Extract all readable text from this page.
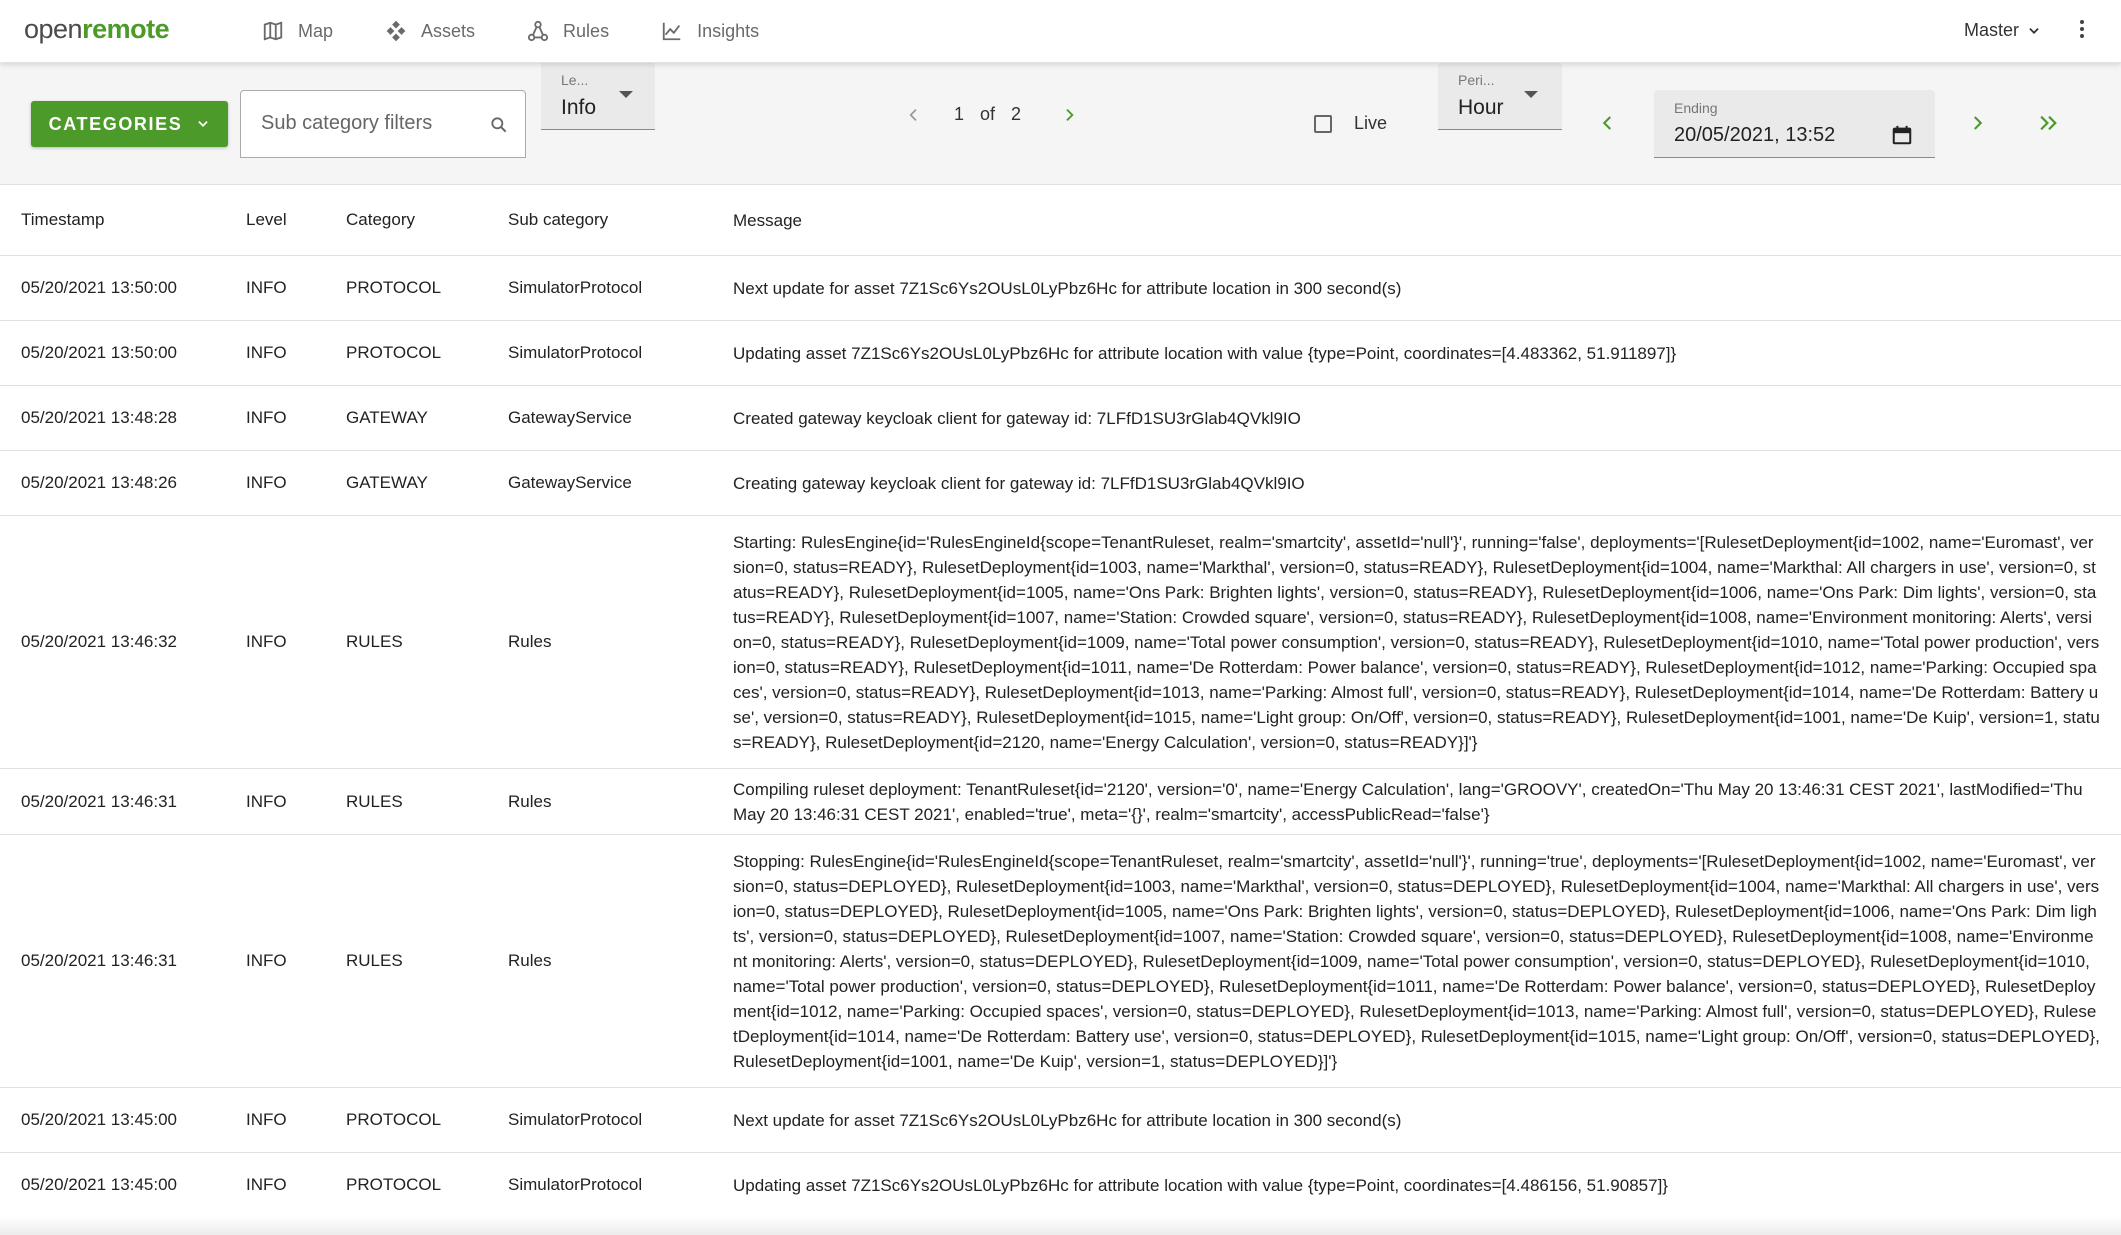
openremote	Map	Assets	Rules	Insights	Master
CATEGORIES
Sub category filters
Le...
Info	1 of 2	Live
Peri...
Hour	Ending
20/05/2021, 13:52
Timestamp	Level	Category	Sub category	Message
05/20/2021 13:50:00	INFO	PROTOCOL	SimulatorProtocol	Next update for asset 7Z1Sc6Ys2OUsL0LyPbz6Hc for attribute location in 300 second(s)
05/20/2021 13:50:00	INFO	PROTOCOL	SimulatorProtocol	Updating asset 7Z1Sc6Ys2OUsL0LyPbz6Hc for attribute location with value {type=Point, coordinates=[4.483362, 51.911897]}
05/20/2021 13:48:28	INFO	GATEWAY	GatewayService	Created gateway keycloak client for gateway id: 7LFfD1SU3rGlab4QVkl9IO
05/20/2021 13:48:26	INFO	GATEWAY	GatewayService	Creating gateway keycloak client for gateway id: 7LFfD1SU3rGlab4QVkl9IO
05/20/2021 13:46:32	INFO	RULES	Rules
Starting: RulesEngine{id='RulesEngineId{scope=TenantRuleset, realm='smartcity', assetId='null'}', running='false', deployments='[RulesetDeployment{id=1002, name='Euromast', version=0, status=READY}, RulesetDeployment{id=1003, name='Markthal', version=0, status=READY}, RulesetDeployment{id=1004, name='Markthal: All chargers in use', version=0, status=READY}, RulesetDeployment{id=1005, name='Ons Park: Brighten lights', version=0, status=READY}, RulesetDeployment{id=1006, name='Ons Park: Dim lights', version=0, status=READY}, RulesetDeployment{id=1007, name='Station: Crowded square', version=0, status=READY}, RulesetDeployment{id=1008, name='Environment monitoring: Alerts', version=0, status=READY}, RulesetDeployment{id=1009, name='Total power consumption', version=0, status=READY}, RulesetDeployment{id=1010, name='Total power production', version=0, status=READY}, RulesetDeployment{id=1011, name='De Rotterdam: Power balance', version=0, status=READY}, RulesetDeployment{id=1012, name='Parking: Occupied spaces', version=0, status=READY}, RulesetDeployment{id=1013, name='Parking: Almost full', version=0, status=READY}, RulesetDeployment{id=1014, name='De Rotterdam: Battery use', version=0, status=READY}, RulesetDeployment{id=1015, name='Light group: On/Off', version=0, status=READY}, RulesetDeployment{id=1001, name='De Kuip', version=1, status=READY}, RulesetDeployment{id=2120, name='Energy Calculation', version=0, status=READY}]'}
05/20/2021 13:46:31	INFO	RULES	Rules
Compiling ruleset deployment: TenantRuleset{id='2120', version='0', name='Energy Calculation', lang='GROOVY', createdOn='Thu May 20 13:46:31 CEST 2021', lastModified='Thu May 20 13:46:31 CEST 2021', enabled='true', meta='{}', realm='smartcity', accessPublicRead='false'}
05/20/2021 13:46:31	INFO	RULES	Rules
Stopping: RulesEngine{id='RulesEngineId{scope=TenantRuleset, realm='smartcity', assetId='null'}', running='true', deployments='[RulesetDeployment{id=1002, name='Euromast', version=0, status=DEPLOYED}, RulesetDeployment{id=1003, name='Markthal', version=0, status=DEPLOYED}, RulesetDeployment{id=1004, name='Markthal: All chargers in use', version=0, status=DEPLOYED}, RulesetDeployment{id=1005, name='Ons Park: Brighten lights', version=0, status=DEPLOYED}, RulesetDeployment{id=1006, name='Ons Park: Dim lights', version=0, status=DEPLOYED}, RulesetDeployment{id=1007, name='Station: Crowded square', version=0, status=DEPLOYED}, RulesetDeployment{id=1008, name='Environment monitoring: Alerts', version=0, status=DEPLOYED}, RulesetDeployment{id=1009, name='Total power consumption', version=0, status=DEPLOYED}, RulesetDeployment{id=1010, name='Total power production', version=0, status=DEPLOYED}, RulesetDeployment{id=1011, name='De Rotterdam: Power balance', version=0, status=DEPLOYED}, RulesetDeployment{id=1012, name='Parking: Occupied spaces', version=0, status=DEPLOYED}, RulesetDeployment{id=1013, name='Parking: Almost full', version=0, status=DEPLOYED}, RulesetDeployment{id=1014, name='De Rotterdam: Battery use', version=0, status=DEPLOYED}, RulesetDeployment{id=1015, name='Light group: On/Off', version=0, status=DEPLOYED}, RulesetDeployment{id=1001, name='De Kuip', version=1, status=DEPLOYED}]'}
05/20/2021 13:45:00	INFO	PROTOCOL	SimulatorProtocol	Next update for asset 7Z1Sc6Ys2OUsL0LyPbz6Hc for attribute location in 300 second(s)
05/20/2021 13:45:00	INFO	PROTOCOL	SimulatorProtocol	Updating asset 7Z1Sc6Ys2OUsL0LyPbz6Hc for attribute location with value {type=Point, coordinates=[4.486156, 51.90857]}
